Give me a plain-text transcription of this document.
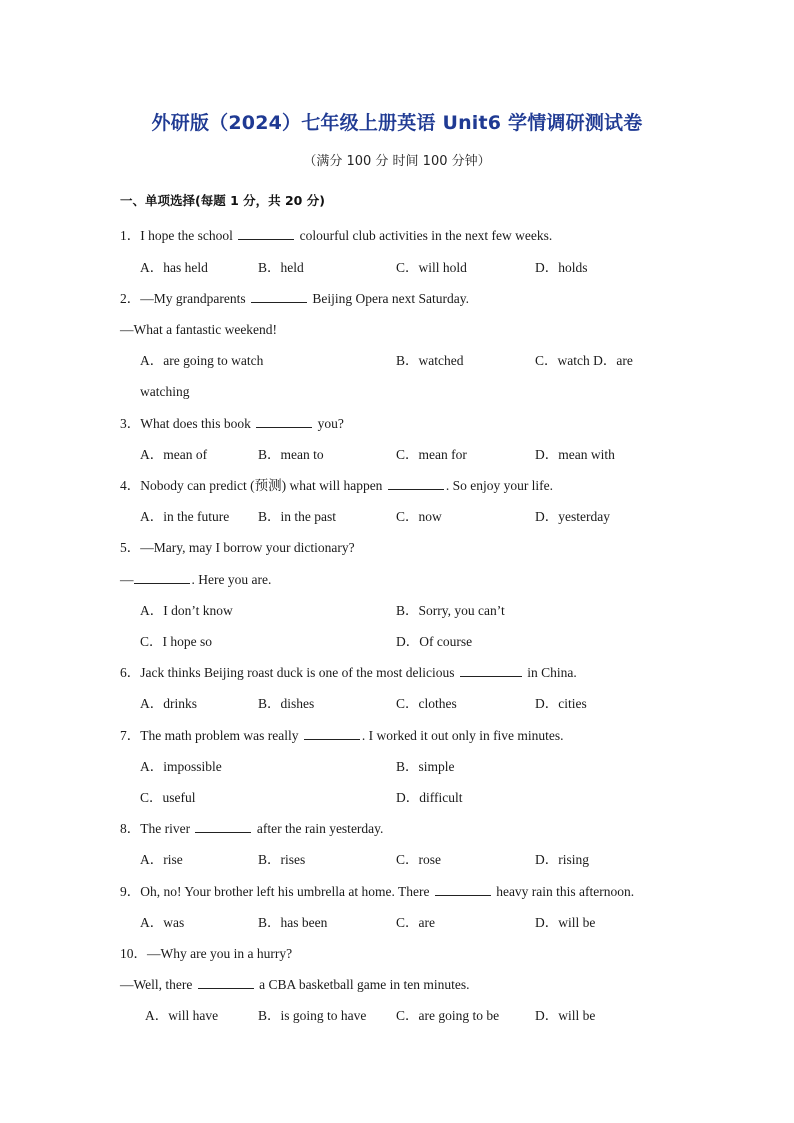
外研版（2024）七年级上册英语 Unit6 学情调研测试卷
（满分 100 分 时间 100 分钟）
一、单项选择(每题 1 分，共 20 分)
1．I hope the school	colourful club activities in the next few weeks.
A．has held	B．held	C．will hold	D．holds
2．—My grandparents	Beijing Opera next Saturday.
—What a fantastic weekend!
A．are going to watch	B．watched	C．watch D．are
watching
3．What does this book	you?
A．mean of	B．mean to	C．mean for	D．mean with
4．Nobody can predict (预测) what will happen	. So enjoy your life.
A．in the future B．in the past	C．now	D．yesterday
5．—Mary, may I borrow your dictionary?
—	. Here you are.
A．I don’t know	B．Sorry, you can’t
C．I hope so	D．Of course
6．Jack thinks Beijing roast duck is one of the most delicious	in China.
A．drinks	B．dishes	C．clothes	D．cities
7．The math problem was really	. I worked it out only in five minutes.
A．impossible	B．simple
C．useful	D．difficult
8．The river	after the rain yesterday.
A．rise	B．rises	C．rose	D．rising
9．Oh, no! Your brother left his umbrella at home. There	heavy rain this afternoon.
A．was	B．has been	C．are	D．will be
10．—Why are you in a hurry?
—Well, there	a CBA basketball game in ten minutes.
A．will have	B．is going to have C．are going to be	D．will be
